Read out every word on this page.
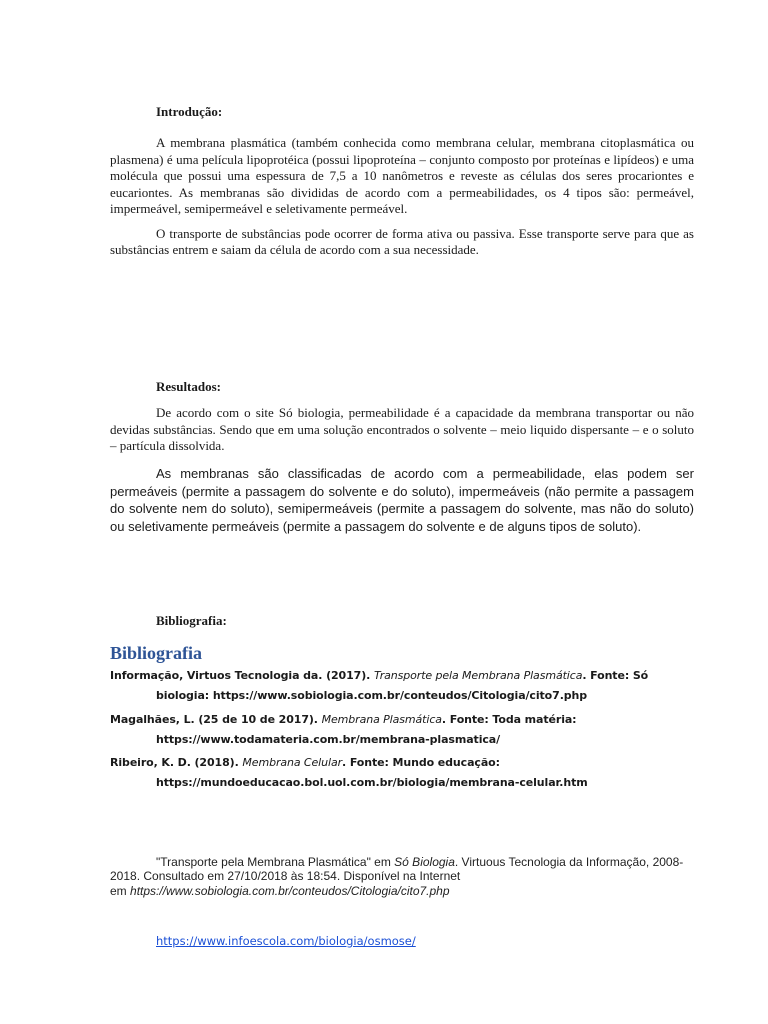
Introdução:

A membrana plasmática (também conhecida como membrana celular, membrana citoplasmática ou plasmena) é uma película lipoprotéica (possui lipoproteína – conjunto composto por proteínas e lipídeos) e uma molécula que possui uma espessura de 7,5 a 10 nanômetros e reveste as células dos seres procariontes e eucariontes. As membranas são divididas de acordo com a permeabilidades, os 4 tipos são: permeável, impermeável, semipermeável e seletivamente permeável.

O transporte de substâncias pode ocorrer de forma ativa ou passiva. Esse transporte serve para que as substâncias entrem e saiam da célula de acordo com a sua necessidade.

Resultados:

De acordo com o site Só biologia, permeabilidade é a capacidade da membrana transportar ou não devidas substâncias. Sendo que em uma solução encontrados o solvente – meio liquido dispersante – e o soluto – partícula dissolvida.

As membranas são classificadas de acordo com a permeabilidade, elas podem ser permeáveis (permite a passagem do solvente e do soluto), impermeáveis (não permite a passagem do solvente nem do soluto), semipermeáveis (permite a passagem do solvente, mas não do soluto) ou seletivamente permeáveis (permite a passagem do solvente e de alguns tipos de soluto).

Bibliografia:
Bibliografia
Informação, Virtuos Tecnologia da. (2017). Transporte pela Membrana Plasmática. Fonte: Só
biologia: https://www.sobiologia.com.br/conteudos/Citologia/cito7.php
Magalhães, L. (25 de 10 de 2017). Membrana Plasmática. Fonte: Toda matéria:
https://www.todamateria.com.br/membrana-plasmatica/
Ribeiro, K. D. (2018). Membrana Celular. Fonte: Mundo educação:
https://mundoeducacao.bol.uol.com.br/biologia/membrana-celular.htm
"Transporte pela Membrana Plasmática" em Só Biologia. Virtuous Tecnologia da Informação, 2008-2018. Consultado em 27/10/2018 às 18:54. Disponível na Internet
em https://www.sobiologia.com.br/conteudos/Citologia/cito7.php
https://www.infoescola.com/biologia/osmose/
